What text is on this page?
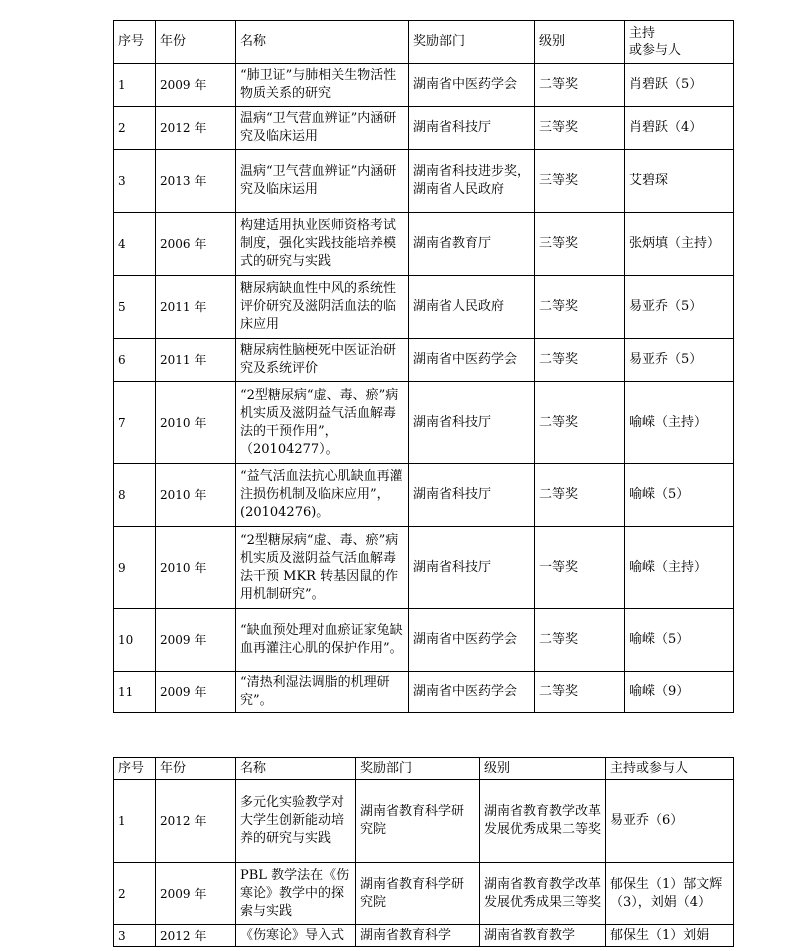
序号	年份	名称	奖励部门	级别	主持
或参与人
1	2009 年	“肺卫证”与肺相关生物活性物质关系的研究	湖南省中医药学会	二等奖	肖碧跃（5）
2	2012 年	温病“卫气营血辨证”内涵研究及临床运用	湖南省科技厅	三等奖	肖碧跃（4）
3	2013 年	温病“卫气营血辨证”内涵研究及临床运用	湖南省科技进步奖，湖南省人民政府	三等奖	艾碧琛
4	2006 年	构建适用执业医师资格考试制度，强化实践技能培养模式的研究与实践	湖南省教育厅	三等奖	张炳填（主持）
5	2011 年	糖尿病缺血性中风的系统性评价研究及滋阴活血法的临床应用	湖南省人民政府	二等奖	易亚乔（5）
6	2011 年	糖尿病性脑梗死中医证治研究及系统评价	湖南省中医药学会	二等奖	易亚乔（5）
7	2010 年	“2型糖尿病“虚、毒、瘀”病机实质及滋阴益气活血解毒法的干预作用”，（20104277）。	湖南省科技厅	二等奖	喻嵘（主持）
8	2010 年	“益气活血法抗心肌缺血再灌注损伤机制及临床应用”，(20104276)。	湖南省科技厅	二等奖	喻嵘（5）
9	2010 年	“2型糖尿病“虚、毒、瘀”病机实质及滋阴益气活血解毒法干预 MKR 转基因鼠的作用机制研究”。	湖南省科技厅	一等奖	喻嵘（主持）
10	2009 年	“缺血预处理对血瘀证家兔缺血再灌注心肌的保护作用”。	湖南省中医药学会	二等奖	喻嵘（5）
11	2009 年	“清热利湿法调脂的机理研究”。	湖南省中医药学会	二等奖	喻嵘（9）
序号	年份	名称	奖励部门	级别	主持或参与人
1	2012 年	多元化实验教学对大学生创新能动培养的研究与实践	湖南省教育科学研究院	湖南省教育教学改革发展优秀成果二等奖	易亚乔（6）
2	2009 年	PBL 教学法在《伤寒论》教学中的探索与实践	湖南省教育科学研究院	湖南省教育教学改革发展优秀成果三等奖	郁保生（1）郜文辉（3），刘娟（4）
3	2012 年	《伤寒论》导入式	湖南省教育科学	湖南省教育教学	郁保生（1）刘娟
